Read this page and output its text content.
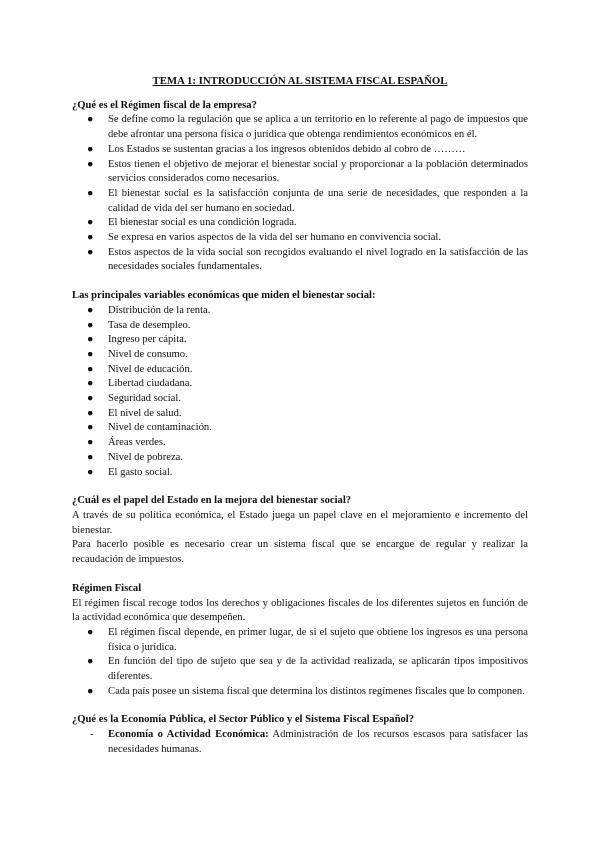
TEMA 1: INTRODUCCIÓN AL SISTEMA FISCAL ESPAÑOL

¿Qué es el Régimen fiscal de la empresa?

● Se define como la regulación que se aplica a un territorio en lo referente al pago de impuestos que debe afrontar una persona física o jurídica que obtenga rendimientos económicos en él.
● Los Estados se sustentan gracias a los ingresos obtenidos debido al cobro de ………
● Estos tienen el objetivo de mejorar el bienestar social y proporcionar a la población determinados servicios considerados como necesarios.
● El bienestar social es la satisfacción conjunta de una serie de necesidades, que responden a la calidad de vida del ser humano en sociedad.
● El bienestar social es una condición lograda.
● Se expresa en varios aspectos de la vida del ser humano en convivencia social.
● Estos aspectos de la vida social son recogidos evaluando el nivel logrado en la satisfacción de las necesidades sociales fundamentales.

Las principales variables económicas que miden el bienestar social:

● Distribución de la renta.
● Tasa de desempleo.
● Ingreso per cápita.
● Nivel de consumo.
● Nivel de educación.
● Libertad ciudadana.
● Seguridad social.
● El nivel de salud.
● Nivel de contaminación.
● Áreas verdes.
● Nivel de pobreza.
● El gasto social.

¿Cuál es el papel del Estado en la mejora del bienestar social?

A través de su política económica, el Estado juega un papel clave en el mejoramiento e incremento del bienestar.

Para hacerlo posible es necesario crear un sistema fiscal que se encargue de regular y realizar la recaudación de impuestos.

Régimen Fiscal

El régimen fiscal recoge todos los derechos y obligaciones fiscales de los diferentes sujetos en función de la actividad económica que desempeñen.

● El régimen fiscal depende, en primer lugar, de si el sujeto que obtiene los ingresos es una persona física o jurídica.
● En función del tipo de sujeto que sea y de la actividad realizada, se aplicarán tipos impositivos diferentes.
● Cada país posee un sistema fiscal que determina los distintos regímenes fiscales que lo componen.

¿Qué es la Economía Pública, el Sector Público y el Sistema Fiscal Español?

- Economía o Actividad Económica: Administración de los recursos escasos para satisfacer las necesidades humanas.
